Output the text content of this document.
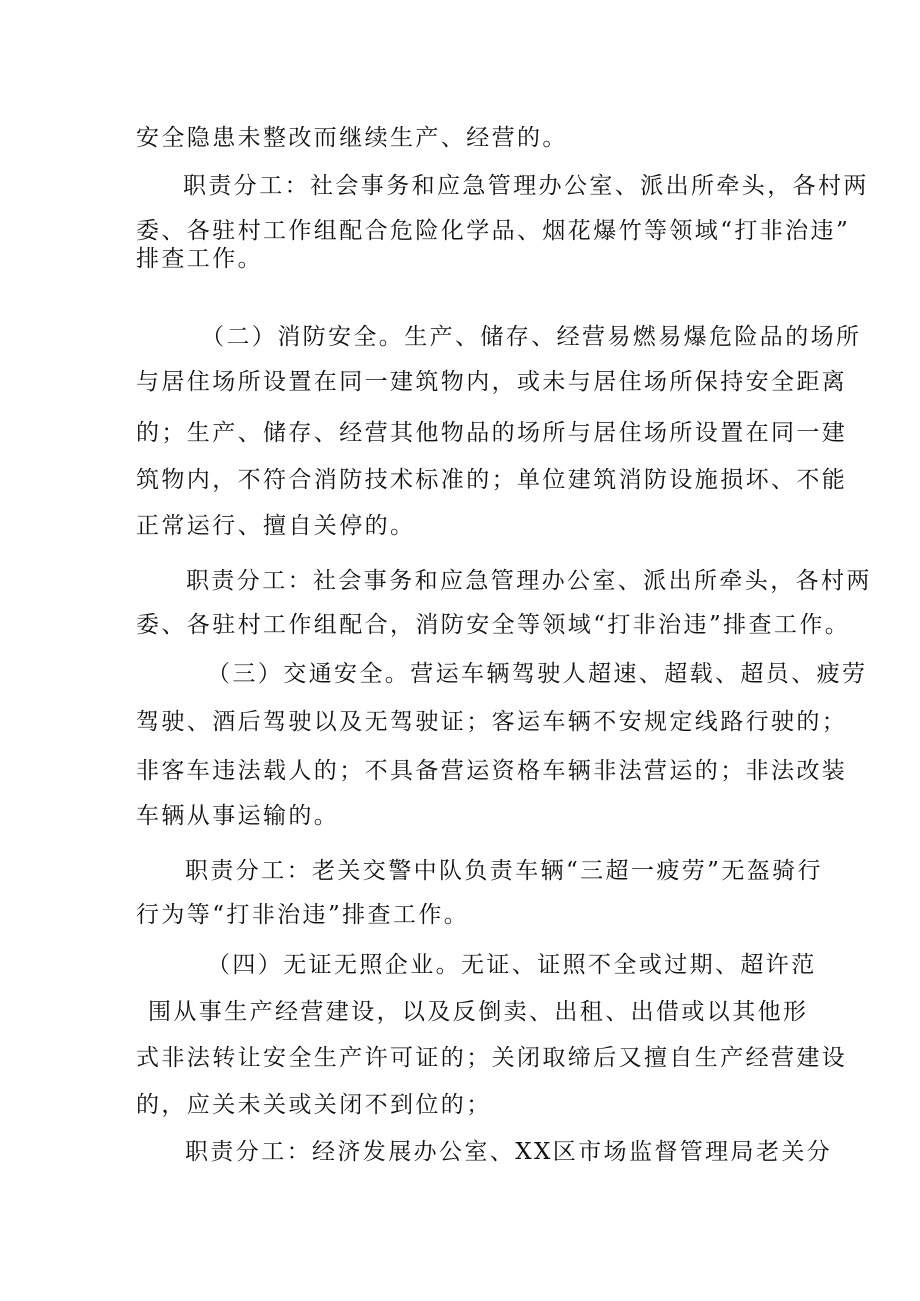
安全隐患未整改而继续生产、经营的。
职责分工：社会事务和应急管理办公室、派出所牵头，各村两
委、各驻村工作组配合危险化学品、烟花爆竹等领域“打非治违”
排查工作。
（二）消防安全。生产、储存、经营易燃易爆危险品的场所
与居住场所设置在同一建筑物内，或未与居住场所保持安全距离
的；生产、储存、经营其他物品的场所与居住场所设置在同一建
筑物内，不符合消防技术标准的；单位建筑消防设施损坏、不能
正常运行、擅自关停的。
职责分工：社会事务和应急管理办公室、派出所牵头，各村两
委、各驻村工作组配合，消防安全等领域“打非治违”排查工作。
（三）交通安全。营运车辆驾驶人超速、超载、超员、疲劳
驾驶、酒后驾驶以及无驾驶证；客运车辆不安规定线路行驶的；
非客车违法载人的；不具备营运资格车辆非法营运的；非法改装
车辆从事运输的。
职责分工：老关交警中队负责车辆“三超一疲劳”无盔骑行
行为等“打非治违”排查工作。
（四）无证无照企业。无证、证照不全或过期、超许范
围从事生产经营建设，以及反倒卖、出租、出借或以其他形
式非法转让安全生产许可证的；关闭取缔后又擅自生产经营建设
的，应关未关或关闭不到位的；
职责分工：经济发展办公室、XX区市场监督管理局老关分
